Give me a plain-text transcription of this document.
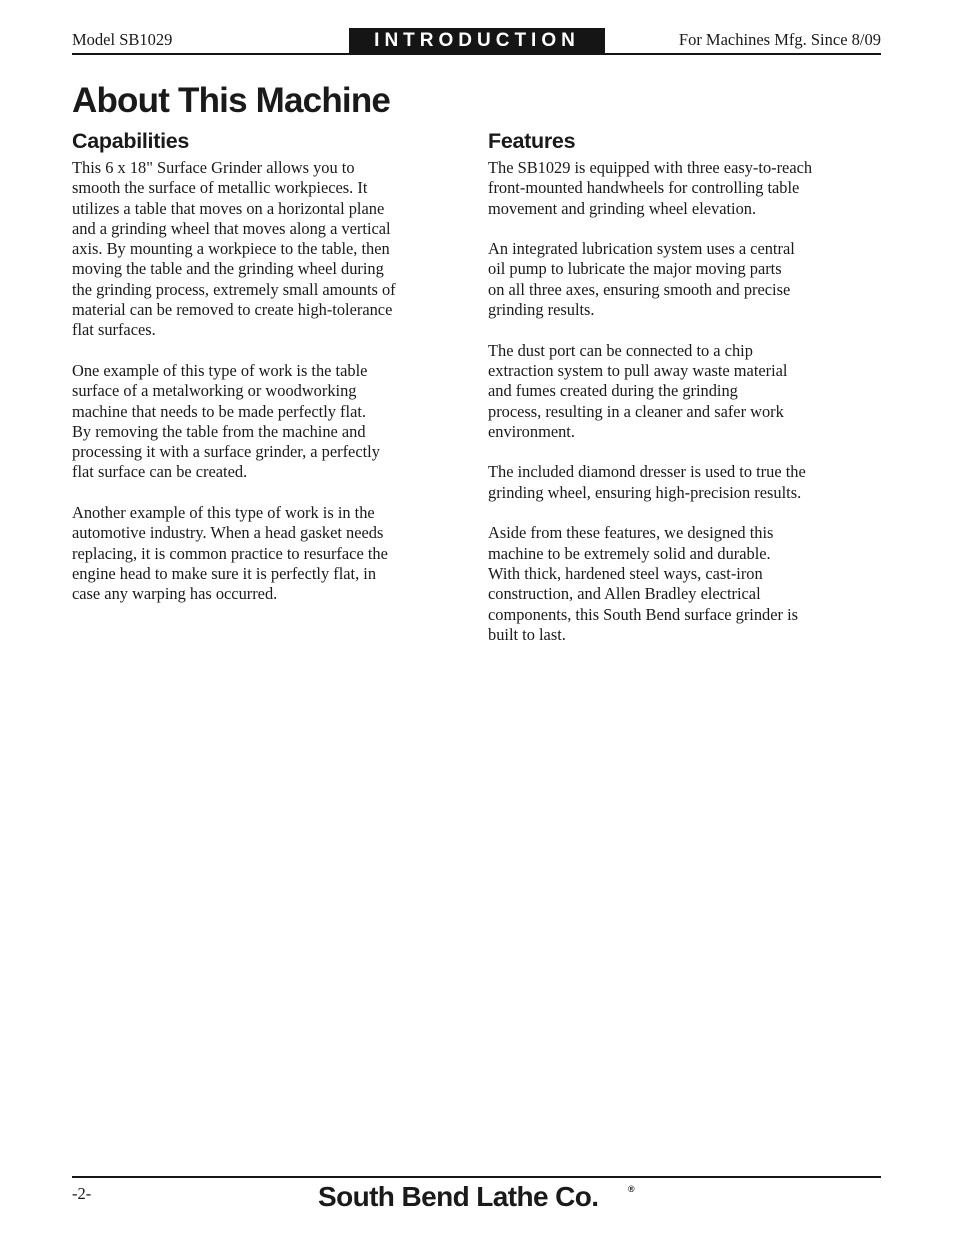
Model SB1029	INTRODUCTION	For Machines Mfg. Since 8/09
About This Machine
Capabilities

This 6 x 18" Surface Grinder allows you to
smooth the surface of metallic workpieces. It
utilizes a table that moves on a horizontal plane
and a grinding wheel that moves along a vertical
axis. By mounting a workpiece to the table, then
moving the table and the grinding wheel during
the grinding process, extremely small amounts of
material can be removed to create high-tolerance
flat surfaces.

One example of this type of work is the table
surface of a metalworking or woodworking
machine that needs to be made perfectly flat.
By removing the table from the machine and
processing it with a surface grinder, a perfectly
flat surface can be created.

Another example of this type of work is in the
automotive industry. When a head gasket needs
replacing, it is common practice to resurface the
engine head to make sure it is perfectly flat, in
case any warping has occurred.

Features

The SB1029 is equipped with three easy-to-reach
front-mounted handwheels for controlling table
movement and grinding wheel elevation.

An integrated lubrication system uses a central
oil pump to lubricate the major moving parts
on all three axes, ensuring smooth and precise
grinding results.

The dust port can be connected to a chip
extraction system to pull away waste material
and fumes created during the grinding
process, resulting in a cleaner and safer work
environment.

The included diamond dresser is used to true the
grinding wheel, ensuring high-precision results.

Aside from these features, we designed this
machine to be extremely solid and durable.
With thick, hardened steel ways, cast-iron
construction, and Allen Bradley electrical
components, this South Bend surface grinder is
built to last.

-2-	South Bend Lathe Co.	®
